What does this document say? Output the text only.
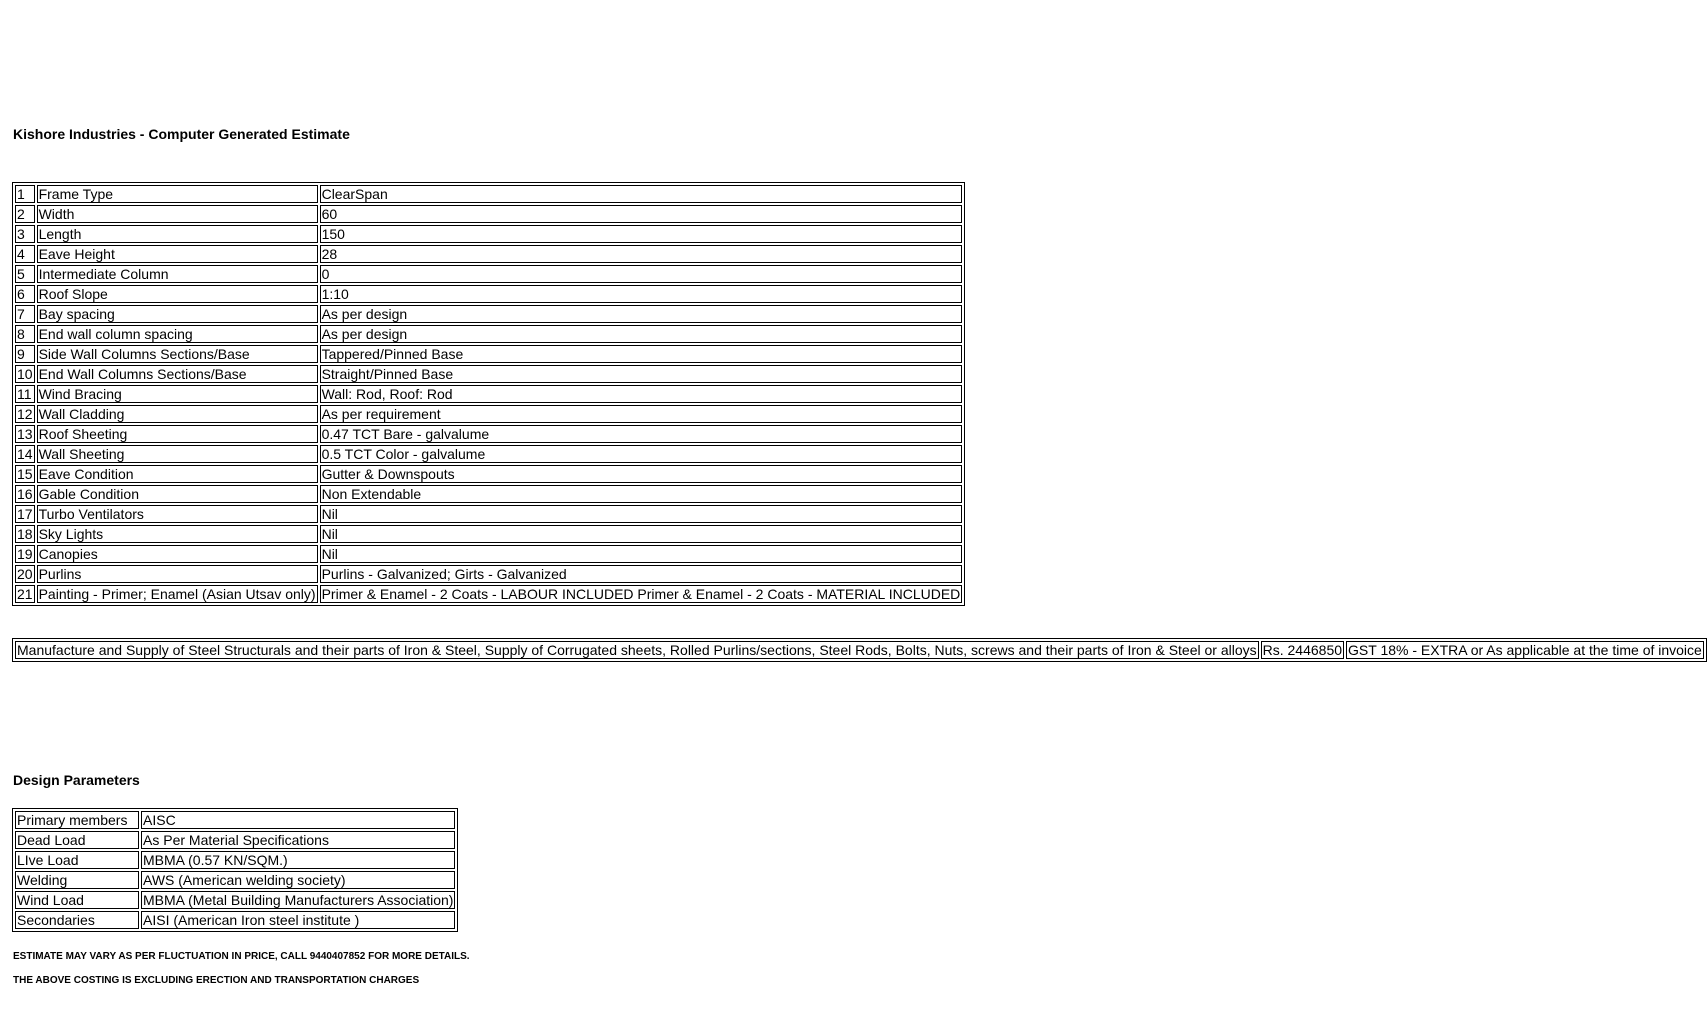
Kishore Industries - Computer Generated Estimate
1	Frame Type	ClearSpan
2	Width	60
3	Length	150
4	Eave Height	28
5	Intermediate Column	0
6	Roof Slope	1:10
7	Bay spacing	As per design
8	End wall column spacing	As per design
9	Side Wall Columns Sections/Base	Tappered/Pinned Base
10	End Wall Columns Sections/Base	Straight/Pinned Base
11	Wind Bracing	Wall: Rod, Roof: Rod
12	Wall Cladding	As per requirement
13	Roof Sheeting	0.47 TCT Bare - galvalume
14	Wall Sheeting	0.5 TCT Color - galvalume
15	Eave Condition	Gutter & Downspouts
16	Gable Condition	Non Extendable
17	Turbo Ventilators	Nil
18	Sky Lights	Nil
19	Canopies	Nil
20	Purlins	Purlins - Galvanized; Girts - Galvanized
21	Painting - Primer; Enamel (Asian Utsav only)	Primer & Enamel - 2 Coats - LABOUR INCLUDED Primer & Enamel - 2 Coats - MATERIAL INCLUDED
Manufacture and Supply of Steel Structurals and their parts of Iron & Steel, Supply of Corrugated sheets, Rolled Purlins/sections, Steel Rods, Bolts, Nuts, screws and their parts of Iron & Steel or alloys	Rs. 2446850	GST 18% - EXTRA or As applicable at the time of invoice
Design Parameters
Primary members	AISC
Dead Load	As Per Material Specifications
LIve Load	MBMA (0.57 KN/SQM.)
Welding	AWS (American welding society)
Wind Load	MBMA (Metal Building Manufacturers Association)
Secondaries	AISI (American Iron steel institute )
ESTIMATE MAY VARY AS PER FLUCTUATION IN PRICE, CALL 9440407852 FOR MORE DETAILS.
THE ABOVE COSTING IS EXCLUDING ERECTION AND TRANSPORTATION CHARGES
